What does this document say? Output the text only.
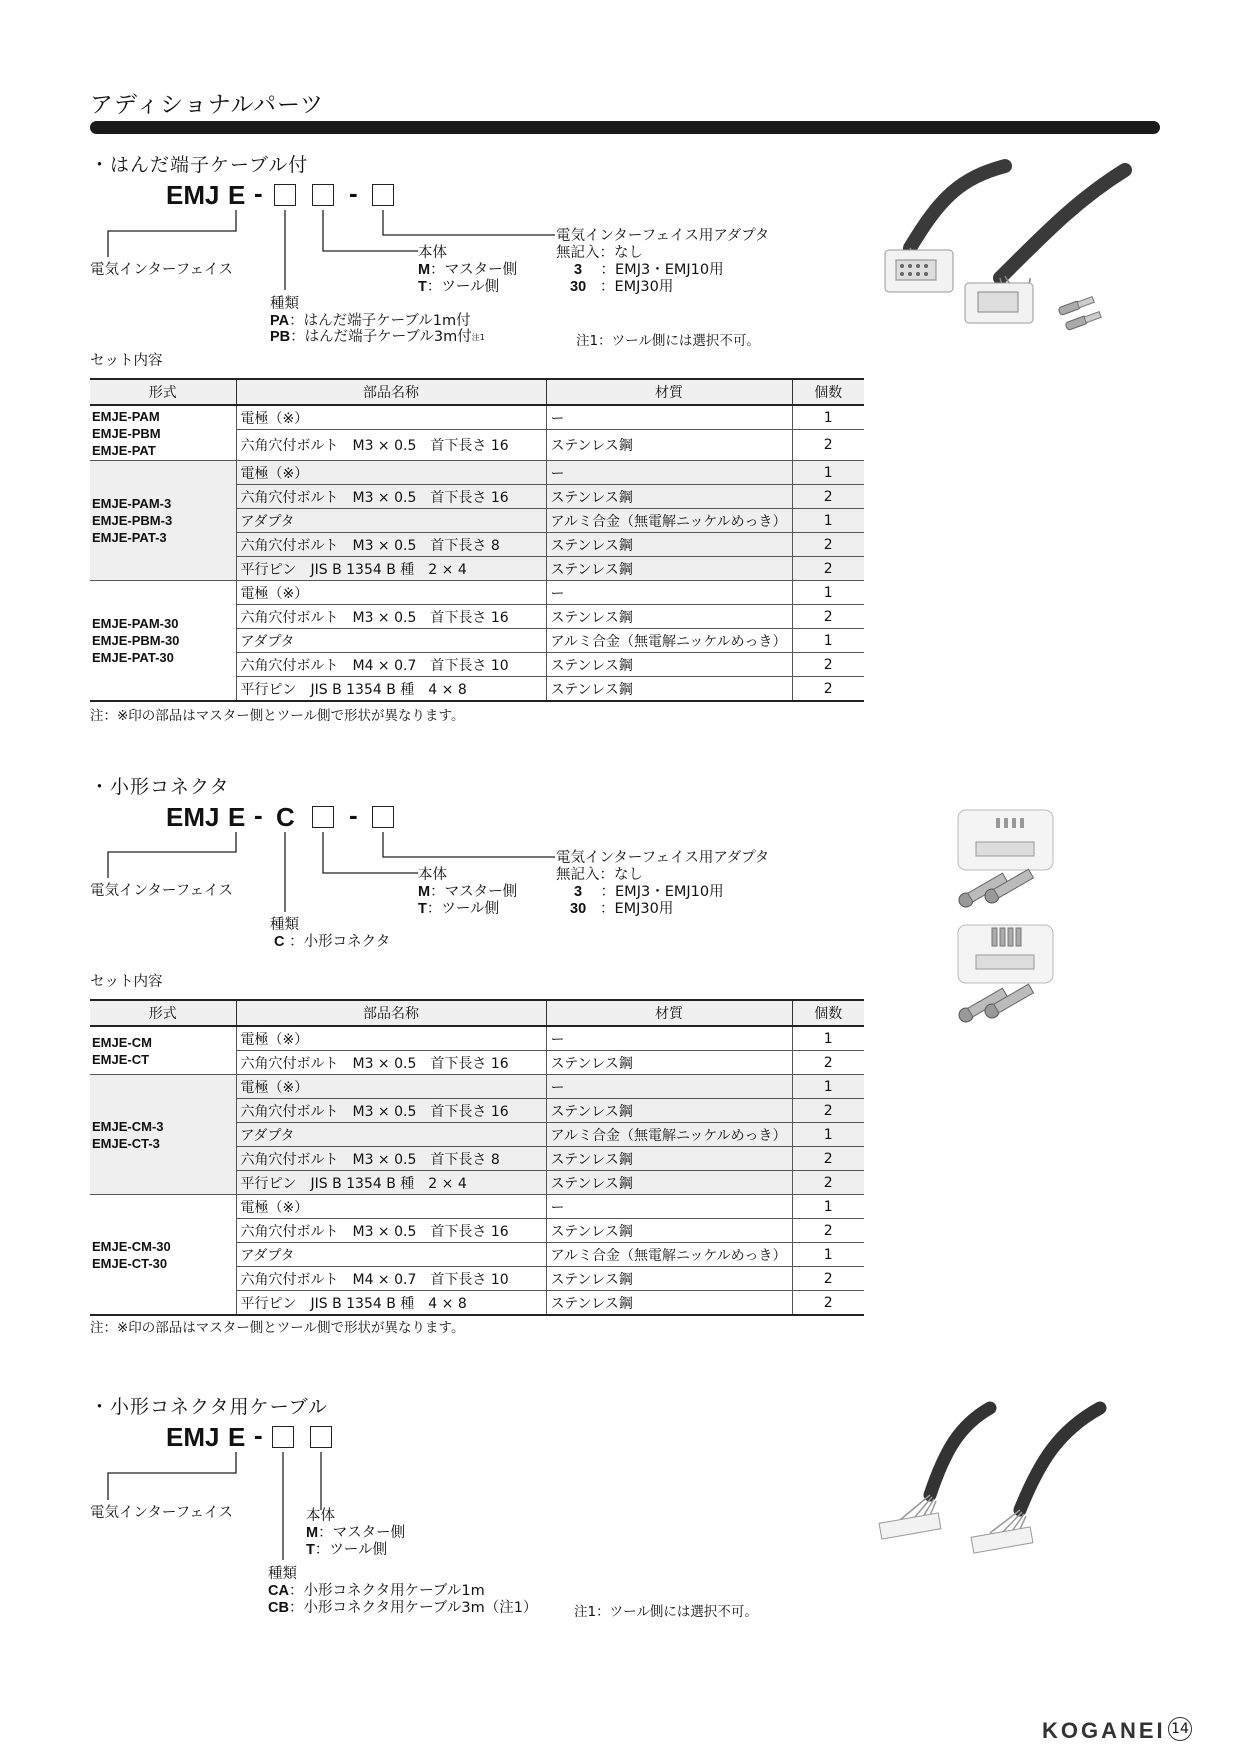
アディショナルパーツ
・はんだ端子ケーブル付
EMJ E -	-
電気インターフェイス
本体
M：マスター側
T：ツール側
電気インターフェイス用アダプタ
無記入：なし
3 ：EMJ3・EMJ10用
30 ：EMJ30用
種類
PA：はんだ端子ケーブル1m付
PB：はんだ端子ケーブル3m付$^{注1}$	注1：ツール側には選択不可。
セット内容
形式	部品名称	材質	個数

EMJE-PAM
EMJE-PBM
EMJE-PAT	電極（※）	ー	1
	六角穴付ボルト　M3 × 0.5　首下長さ 16	ステンレス鋼	2

EMJE-PAM-3
EMJE-PBM-3
EMJE-PAT-3	電極（※）	ー	1
	六角穴付ボルト　M3 × 0.5　首下長さ 16	ステンレス鋼	2
	アダプタ	アルミ合金（無電解ニッケルめっき）	1
	六角穴付ボルト　M3 × 0.5　首下長さ 8	ステンレス鋼	2
	平行ピン　JIS B 1354 B 種　2 × 4	ステンレス鋼	2

EMJE-PAM-30
EMJE-PBM-30
EMJE-PAT-30	電極（※）	ー	1
	六角穴付ボルト　M3 × 0.5　首下長さ 16	ステンレス鋼	2
	アダプタ	アルミ合金（無電解ニッケルめっき）	1
	六角穴付ボルト　M4 × 0.7　首下長さ 10	ステンレス鋼	2
	平行ピン　JIS B 1354 B 種　4 × 8	ステンレス鋼	2
注：※印の部品はマスター側とツール側で形状が異なります。
・小形コネクタ
EMJ E - C -
電気インターフェイス
本体
M：マスター側
T：ツール側
電気インターフェイス用アダプタ
無記入：なし
3 ：EMJ3・EMJ10用
30 ：EMJ30用
種類
C ：小形コネクタ
セット内容
形式	部品名称	材質	個数

EMJE-CM
EMJE-CT	電極（※）	ー	1
	六角穴付ボルト　M3 × 0.5　首下長さ 16	ステンレス鋼	2

EMJE-CM-3
EMJE-CT-3	電極（※）	ー	1
	六角穴付ボルト　M3 × 0.5　首下長さ 16	ステンレス鋼	2
	アダプタ	アルミ合金（無電解ニッケルめっき）	1
	六角穴付ボルト　M3 × 0.5　首下長さ 8	ステンレス鋼	2
	平行ピン　JIS B 1354 B 種　2 × 4	ステンレス鋼	2

EMJE-CM-30
EMJE-CT-30	電極（※）	ー	1
	六角穴付ボルト　M3 × 0.5　首下長さ 16	ステンレス鋼	2
	アダプタ	アルミ合金（無電解ニッケルめっき）	1
	六角穴付ボルト　M4 × 0.7　首下長さ 10	ステンレス鋼	2
	平行ピン　JIS B 1354 B 種　4 × 8	ステンレス鋼	2
注：※印の部品はマスター側とツール側で形状が異なります。
・小形コネクタ用ケーブル
EMJ E -
電気インターフェイス	本体
M：マスター側
T：ツール側
種類
CA：小形コネクタ用ケーブル1m
CB：小形コネクタ用ケーブル3m（注1）	注1：ツール側には選択不可。
KOGANEI 14
